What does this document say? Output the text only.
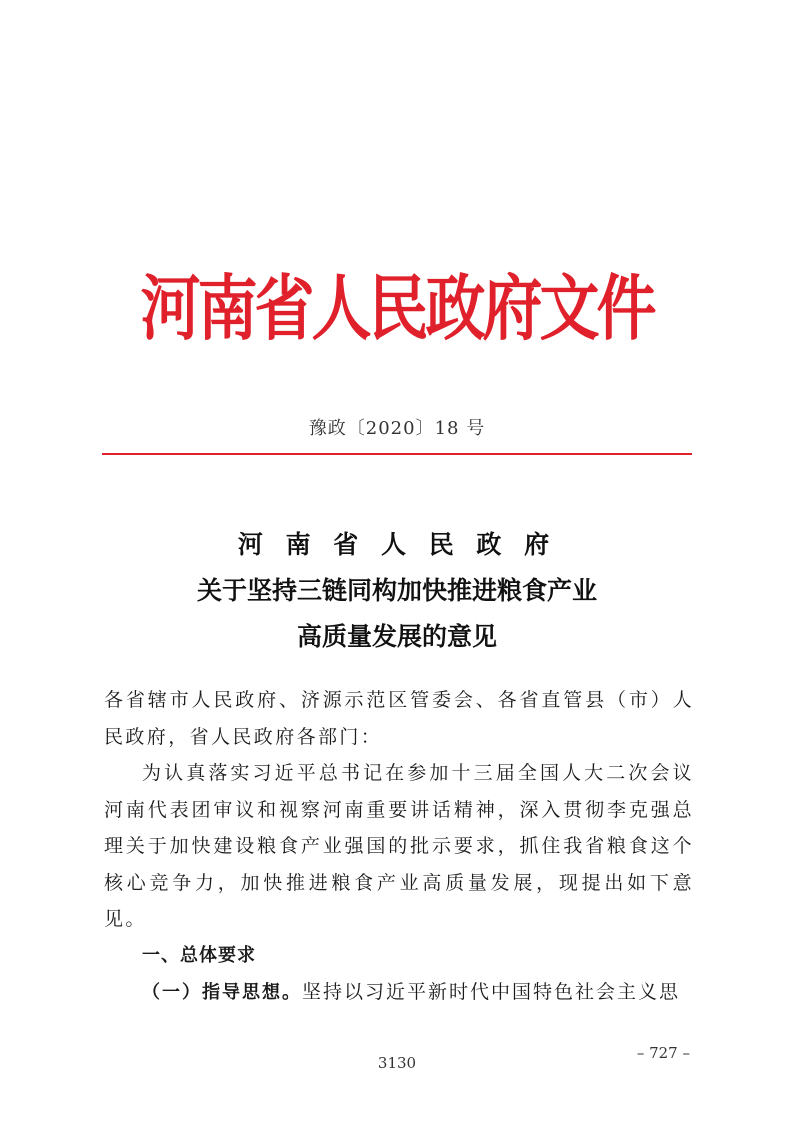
河南省人民政府文件
豫政〔2020〕18 号
河 南 省 人 民 政 府
关于坚持三链同构加快推进粮食产业
高质量发展的意见

各省辖市人民政府、济源示范区管委会、各省直管县（市）人民政府，省人民政府各部门：

为认真落实习近平总书记在参加十三届全国人大二次会议河南代表团审议和视察河南重要讲话精神，深入贯彻李克强总理关于加快建设粮食产业强国的批示要求，抓住我省粮食这个核心竞争力，加快推进粮食产业高质量发展，现提出如下意见。

一、总体要求

（一）指导思想。坚持以习近平新时代中国特色社会主义思

3130
– 727 –
